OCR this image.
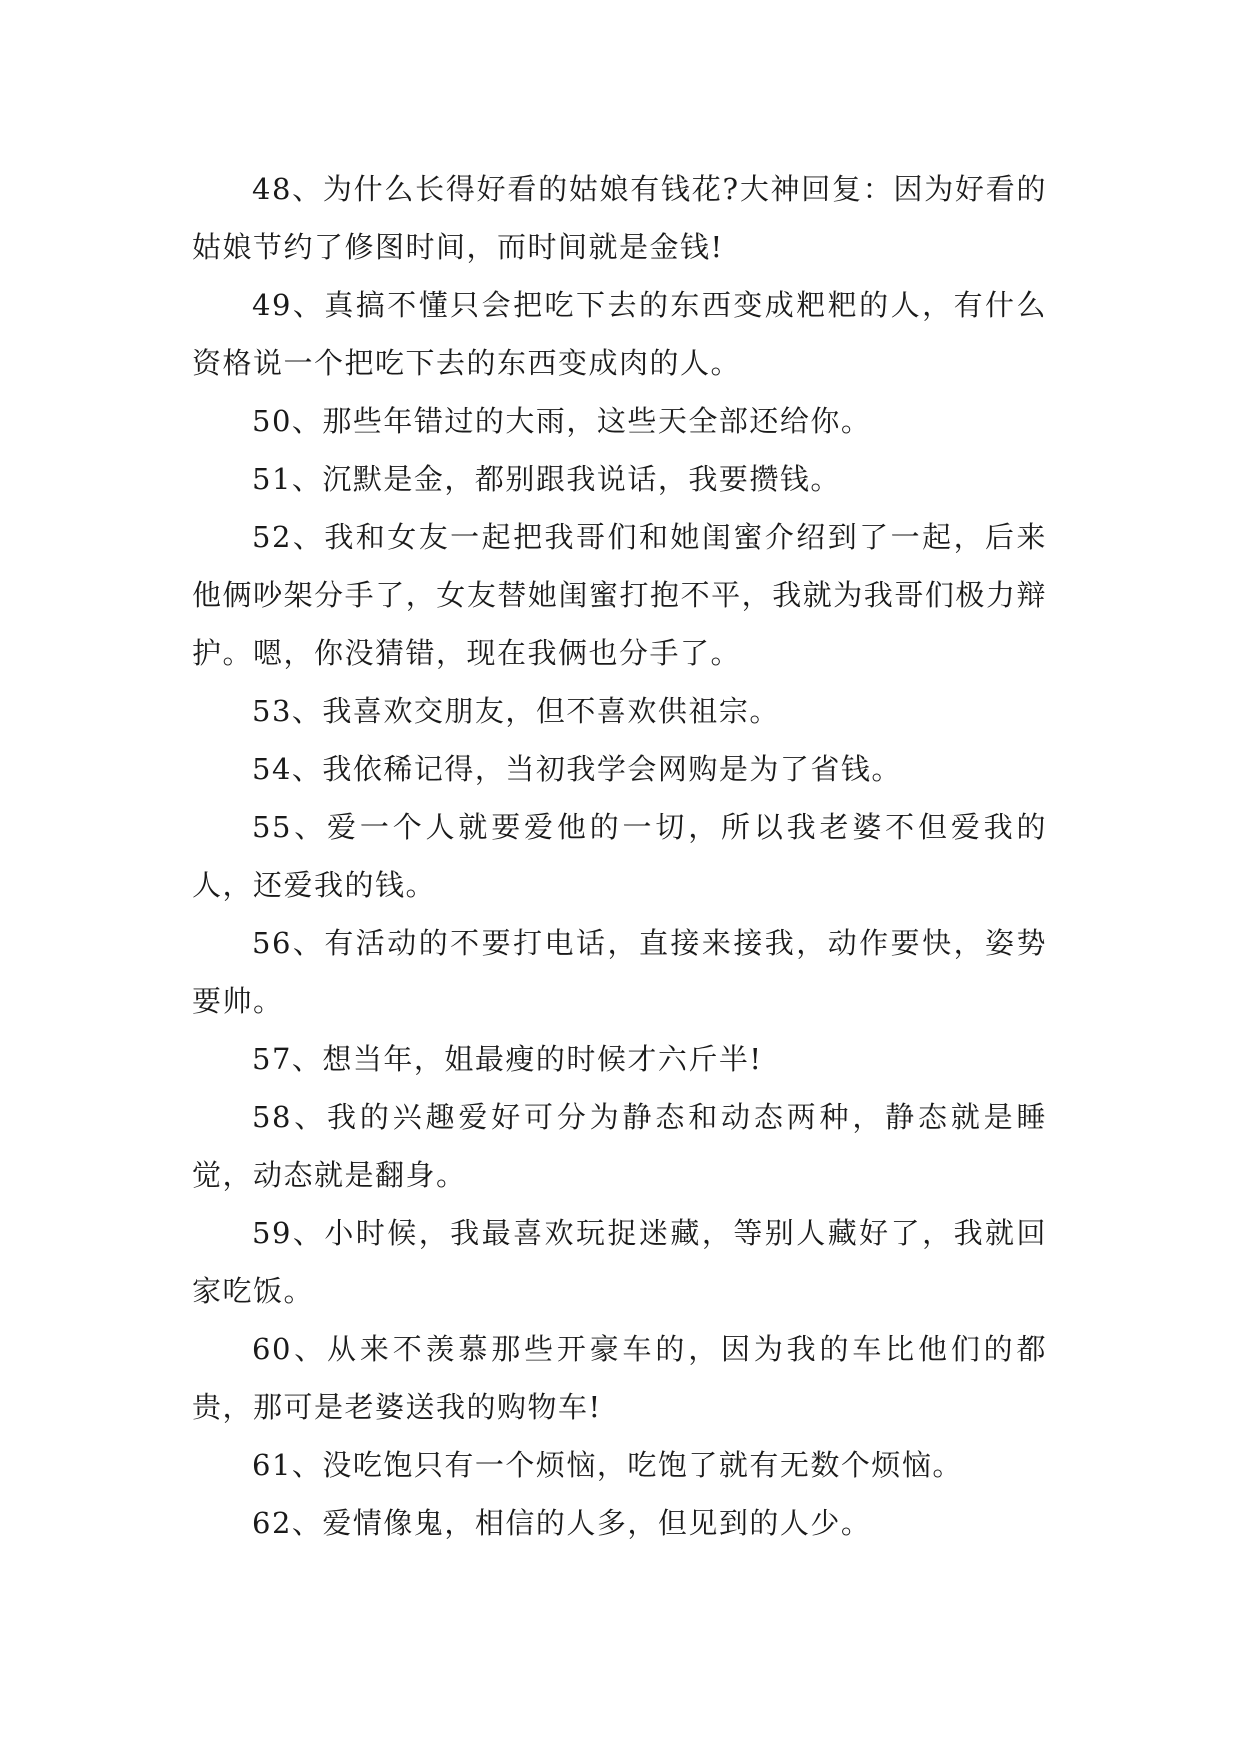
48、为什么长得好看的姑娘有钱花?大神回复：因为好看的姑娘节约了修图时间，而时间就是金钱!

49、真搞不懂只会把吃下去的东西变成粑粑的人，有什么资格说一个把吃下去的东西变成肉的人。

50、那些年错过的大雨，这些天全部还给你。

51、沉默是金，都别跟我说话，我要攒钱。

52、我和女友一起把我哥们和她闺蜜介绍到了一起，后来他俩吵架分手了，女友替她闺蜜打抱不平，我就为我哥们极力辩护。嗯，你没猜错，现在我俩也分手了。

53、我喜欢交朋友，但不喜欢供祖宗。

54、我依稀记得，当初我学会网购是为了省钱。

55、爱一个人就要爱他的一切，所以我老婆不但爱我的人，还爱我的钱。

56、有活动的不要打电话，直接来接我，动作要快，姿势要帅。

57、想当年，姐最瘦的时候才六斤半!

58、我的兴趣爱好可分为静态和动态两种，静态就是睡觉，动态就是翻身。

59、小时候，我最喜欢玩捉迷藏，等别人藏好了，我就回家吃饭。

60、从来不羡慕那些开豪车的，因为我的车比他们的都贵，那可是老婆送我的购物车!

61、没吃饱只有一个烦恼，吃饱了就有无数个烦恼。

62、爱情像鬼，相信的人多，但见到的人少。
